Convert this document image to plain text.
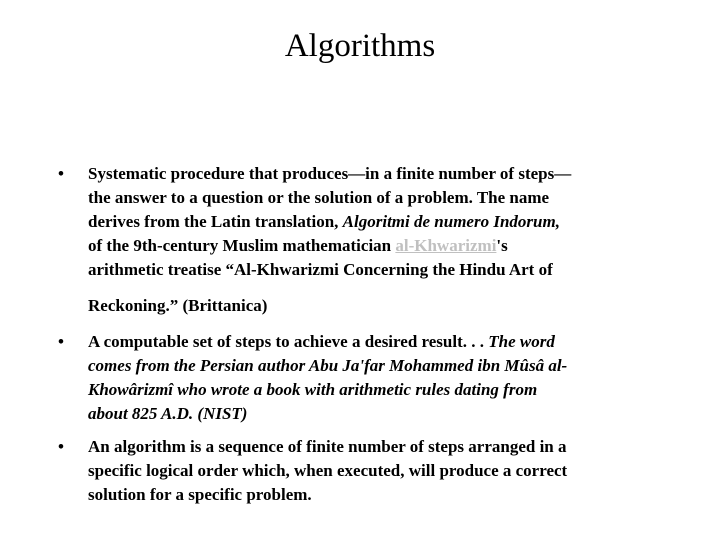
Algorithms
•	Systematic procedure that produces—in a finite number of steps—
the answer to a question or the solution of a problem. The name
derives from the Latin translation, Algoritmi de numero Indorum,
of the 9th-century Muslim mathematician al-Khwarizmi's
arithmetic treatise “Al-Khwarizmi Concerning the Hindu Art of
Reckoning.” (Brittanica)
•	A computable set of steps to achieve a desired result. . . The word
comes from the Persian author Abu Ja'far Mohammed ibn Mûsâ al-
Khowârizmî who wrote a book with arithmetic rules dating from
about 825 A.D. (NIST)
•	An algorithm is a sequence of finite number of steps arranged in a
specific logical order which, when executed, will produce a correct
solution for a specific problem.
